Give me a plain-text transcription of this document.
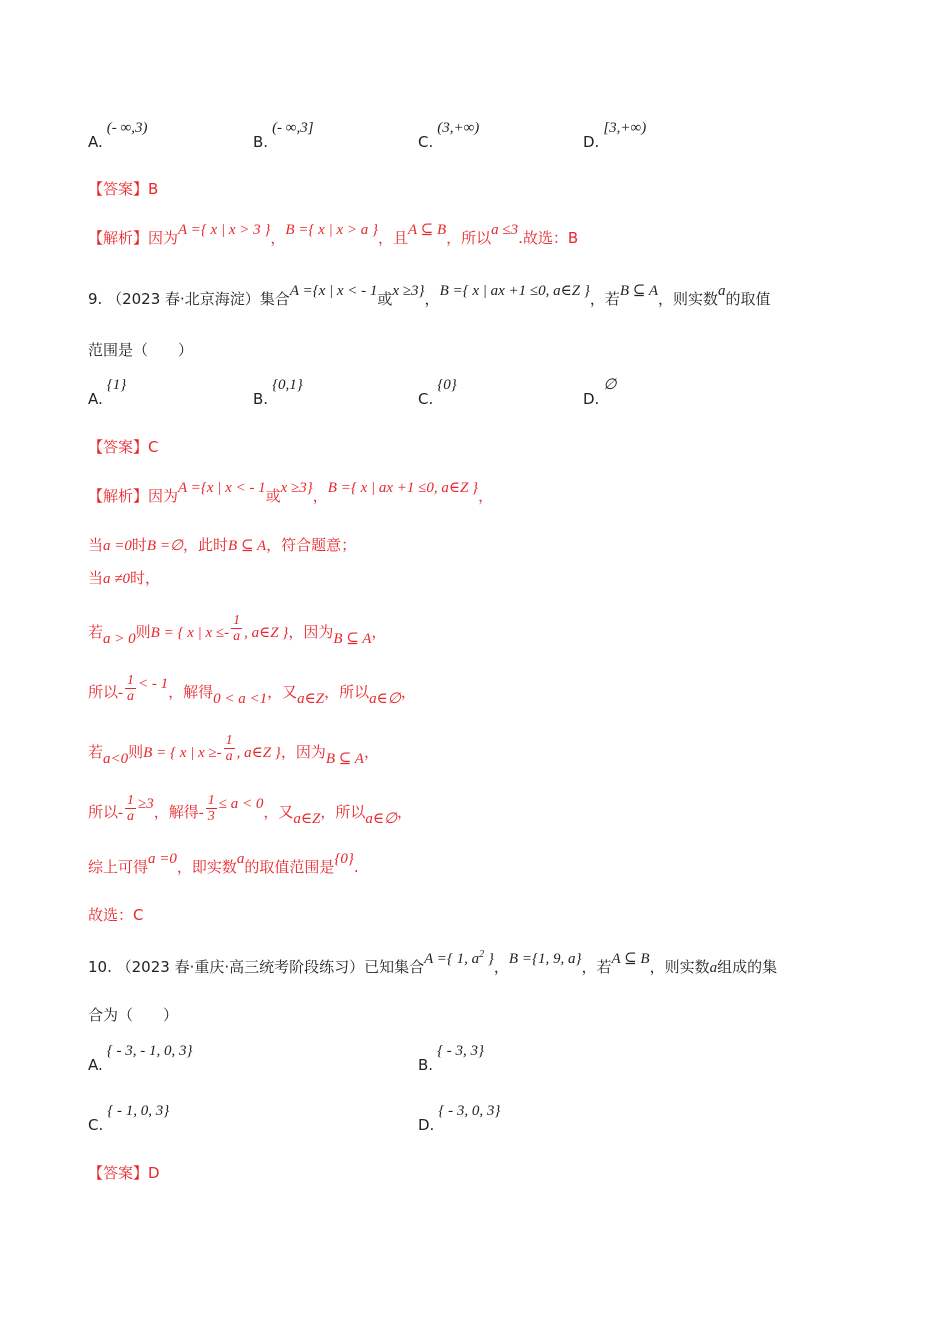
A.(- ∞,3)
B.(- ∞,3]
C.(3,+∞)
D.[3,+∞)
【答案】B
【解析】因为A ={ x | x > 3 }，B ={ x | x > a }，且A ⊆ B，所以a ≤3.故选：B
9. （2023 春·北京海淀）集合A ={x | x < - 1或x ≥3}，B ={ x | ax +1 ≤0, a∈Z }，若B ⊆ A，则实数a的取值
范围是（　　）
A.{1}
B.{0,1}
C.{0}
D.∅
【答案】C
【解析】因为A ={x | x < - 1或x ≥3}，B ={ x | ax +1 ≤0, a∈Z }，
当a =0时B =∅，此时B ⊆ A，符合题意；
当a ≠0时，
若a > 0则B = { x | $x \le- \frac{1}{a}$ , a∈Z }，因为B ⊆ A，
所以- $\frac{1}{a}$ < - 1，解得0 < a <1，又a∈Z，所以a∈∅，
若a<0则B = { x | $x \ge- \frac{1}{a}$ , a∈Z }，因为B ⊆ A，
所以- $\frac{1}{a} \ge 3$，解得- $\frac{1}{3} \le a < 0$，又a∈Z，所以a∈∅，
综上可得a =0，即实数a的取值范围是{0}.
故选：C
10. （2023 春·重庆·高三统考阶段练习）已知集合A ={ 1, $a^2$ }，B ={1, 9, a}，若A ⊆ B，则实数a组成的集
合为（　　）
A.{ - 3, - 1, 0, 3}
B.{ - 3, 3}
C.{ - 1, 0, 3}
D.{ - 3, 0, 3}
【答案】D
